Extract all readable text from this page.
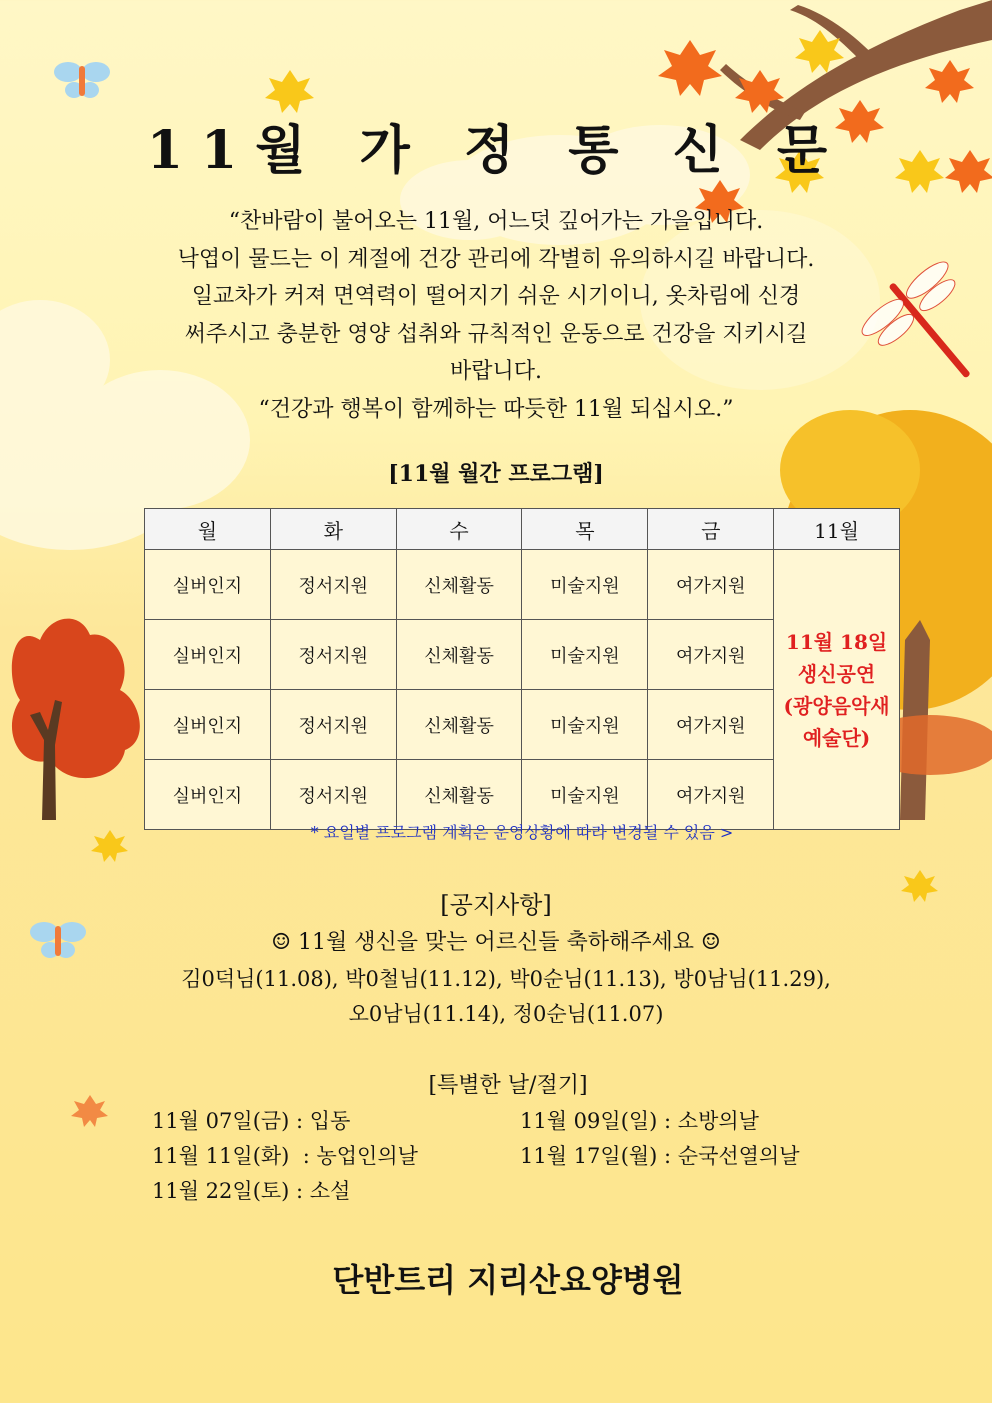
11월 가 정 통 신 문

“찬바람이 불어오는 11월, 어느덧 깊어가는 가을입니다.

낙엽이 물드는 이 계절에 건강 관리에 각별히 유의하시길 바랍니다.

일교차가 커져 면역력이 떨어지기 쉬운 시기이니, 옷차림에 신경

써주시고 충분한 영양 섭취와 규칙적인 운동으로 건강을 지키시길

바랍니다.

“건강과 행복이 함께하는 따듯한 11월 되십시오.”

[11월 월간 프로그램]
월	화	수	목	금	11월
실버인지	정서지원	신체활동	미술지원	여가지원	11월 18일
생신공연
(광양음악새
예술단)

실버인지	정서지원	신체활동	미술지원	여가지원	
실버인지	정서지원	신체활동	미술지원	여가지원	
실버인지	정서지원	신체활동	미술지원	여가지원	
* 요일별 프로그램 계획은 운영상황에 따라 변경될 수 있음 >
[공지사항]
☺ 11월 생신을 맞는 어르신들 축하해주세요 ☺
김0덕님(11.08), 박0철님(11.12), 박0순님(11.13), 방0남님(11.29),
오0남님(11.14), 정0순님(11.07)
[특별한 날/절기]
11월 07일(금) : 입동	11월 09일(일) : 소방의날
11월 11일(화)  : 농업인의날	11월 17일(월) : 순국선열의날
11월 22일(토) : 소설
단반트리 지리산요양병원
